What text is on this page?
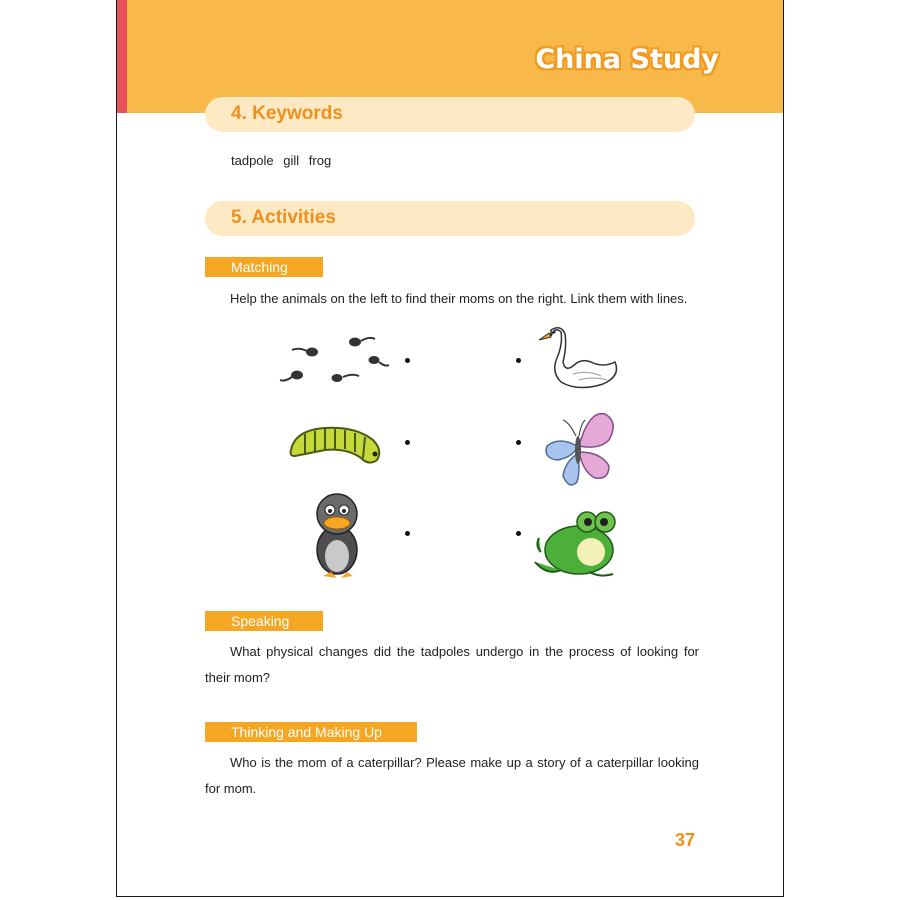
China Study
4. Keywords
tadpole gill frog
5. Activities
Matching
Help the animals on the left to find their moms on the right. Link them with lines.
Speaking
What physical changes did the tadpoles undergo in the process of looking for their mom?
Thinking and Making Up
Who is the mom of a caterpillar? Please make up a story of a caterpillar looking for mom.
37
